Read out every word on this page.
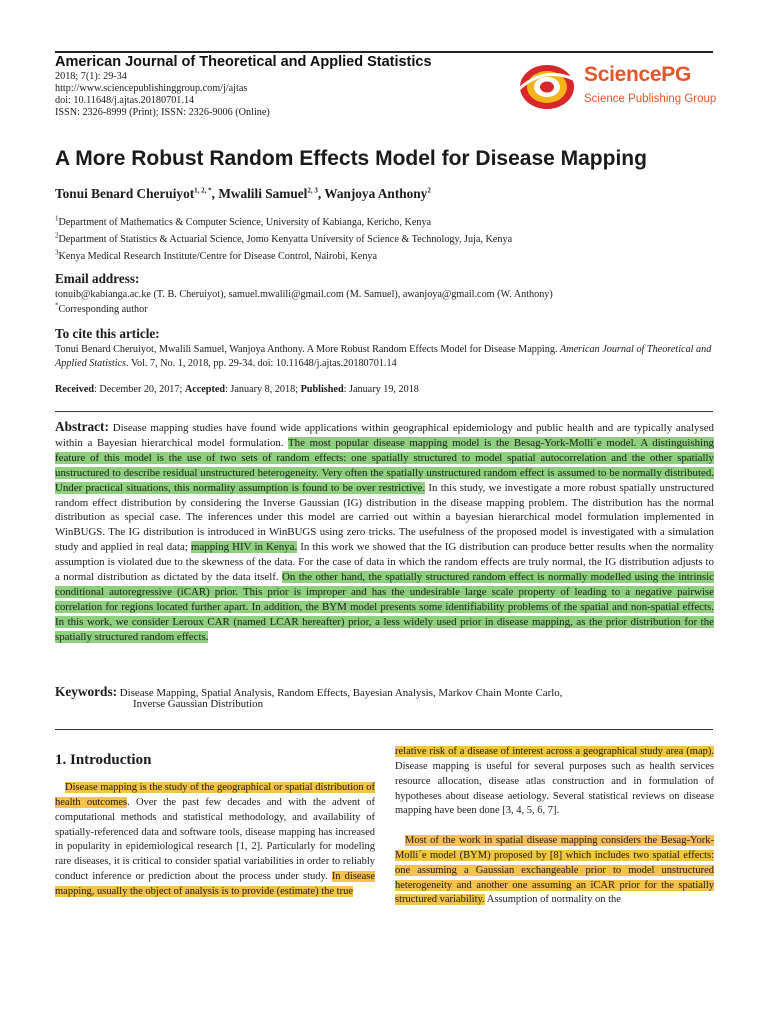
American Journal of Theoretical and Applied Statistics
2018; 7(1): 29-34
http://www.sciencepublishinggroup.com/j/ajtas
doi: 10.11648/j.ajtas.20180701.14
ISSN: 2326-8999 (Print); ISSN: 2326-9006 (Online)
SciencePG
Science Publishing Group
A More Robust Random Effects Model for Disease Mapping
Tonui Benard Cheruiyot$^{1, 2, *}$, Mwalili Samuel$^{2, 3}$, Wanjoya Anthony$^2$
$^1$Department of Mathematics & Computer Science, University of Kabianga, Kericho, Kenya
$^2$Department of Statistics & Actuarial Science, Jomo Kenyatta University of Science & Technology, Juja, Kenya
$^3$Kenya Medical Research Institute/Centre for Disease Control, Nairobi, Kenya
Email address:
tonuib@kabianga.ac.ke (T. B. Cheruiyot), samuel.mwalili@gmail.com (M. Samuel), awanjoya@gmail.com (W. Anthony)
*Corresponding author
To cite this article:
Tonui Benard Cheruiyot, Mwalili Samuel, Wanjoya Anthony. A More Robust Random Effects Model for Disease Mapping. American Journal of Theoretical and Applied Statistics. Vol. 7, No. 1, 2018, pp. 29-34. doi: 10.11648/j.ajtas.20180701.14
Received: December 20, 2017; Accepted: January 8, 2018; Published: January 19, 2018
Abstract: Disease mapping studies have found wide applications within geographical epidemiology and public health and are typically analysed within a Bayesian hierarchical model formulation. The most popular disease mapping model is the Besag-York-Molli´e model. A distinguishing feature of this model is the use of two sets of random effects: one spatially structured to model spatial autocorrelation and the other spatially unstructured to describe residual unstructured heterogeneity. Very often the spatially unstructured random effect is assumed to be normally distributed. Under practical situations, this normality assumption is found to be over restrictive. In this study, we investigate a more robust spatially unstructured random effect distribution by considering the Inverse Gaussian (IG) distribution in the disease mapping problem. The distribution has the normal distribution as special case. The inferences under this model are carried out within a bayesian hierarchical model formulation implemented in WinBUGS. The IG distribution is introduced in WinBUGS using zero tricks. The usefulness of the proposed model is investigated with a simulation study and applied in real data; mapping HIV in Kenya. In this work we showed that the IG distribution can produce better results when the normality assumption is violated due to the skewness of the data. For the case of data in which the random effects are truly normal, the IG distribution adjusts to a normal distribution as dictated by the data itself. On the other hand, the spatially structured random effect is normally modelled using the intrinsic conditional autoregressive (iCAR) prior. This prior is improper and has the undesirable large scale property of leading to a negative pairwise correlation for regions located further apart. In addition, the BYM model presents some identifiability problems of the spatial and non-spatial effects. In this work, we consider Leroux CAR (named LCAR hereafter) prior, a less widely used prior in disease mapping, as the prior distribution for the spatially structured random effects.
Keywords: Disease Mapping, Spatial Analysis, Random Effects, Bayesian Analysis, Markov Chain Monte Carlo,
Inverse Gaussian Distribution
1. Introduction
Disease mapping is the study of the geographical or spatial distribution of health outcomes. Over the past few decades and with the advent of computational methods and statistical methodology, and availability of spatially-referenced data and software tools, disease mapping has increased in popularity in epidemiological research [1, 2]. Particularly for modeling rare diseases, it is critical to consider spatial variabilities in order to reliably conduct inference or prediction about the process under study. In disease mapping, usually the object of analysis is to provide (estimate) the true
relative risk of a disease of interest across a geographical study area (map). Disease mapping is useful for several purposes such as health services resource allocation, disease atlas construction and in formulation of hypotheses about disease aetiology. Several statistical reviews on disease mapping have been done [3, 4, 5, 6, 7].
Most of the work in spatial disease mapping considers the Besag-York-Molli´e model (BYM) proposed by [8] which includes two spatial effects: one assuming a Gaussian exchangeable prior to model unstructured heterogeneity and another one assuming an iCAR prior for the spatially structured variability. Assumption of normality on the
